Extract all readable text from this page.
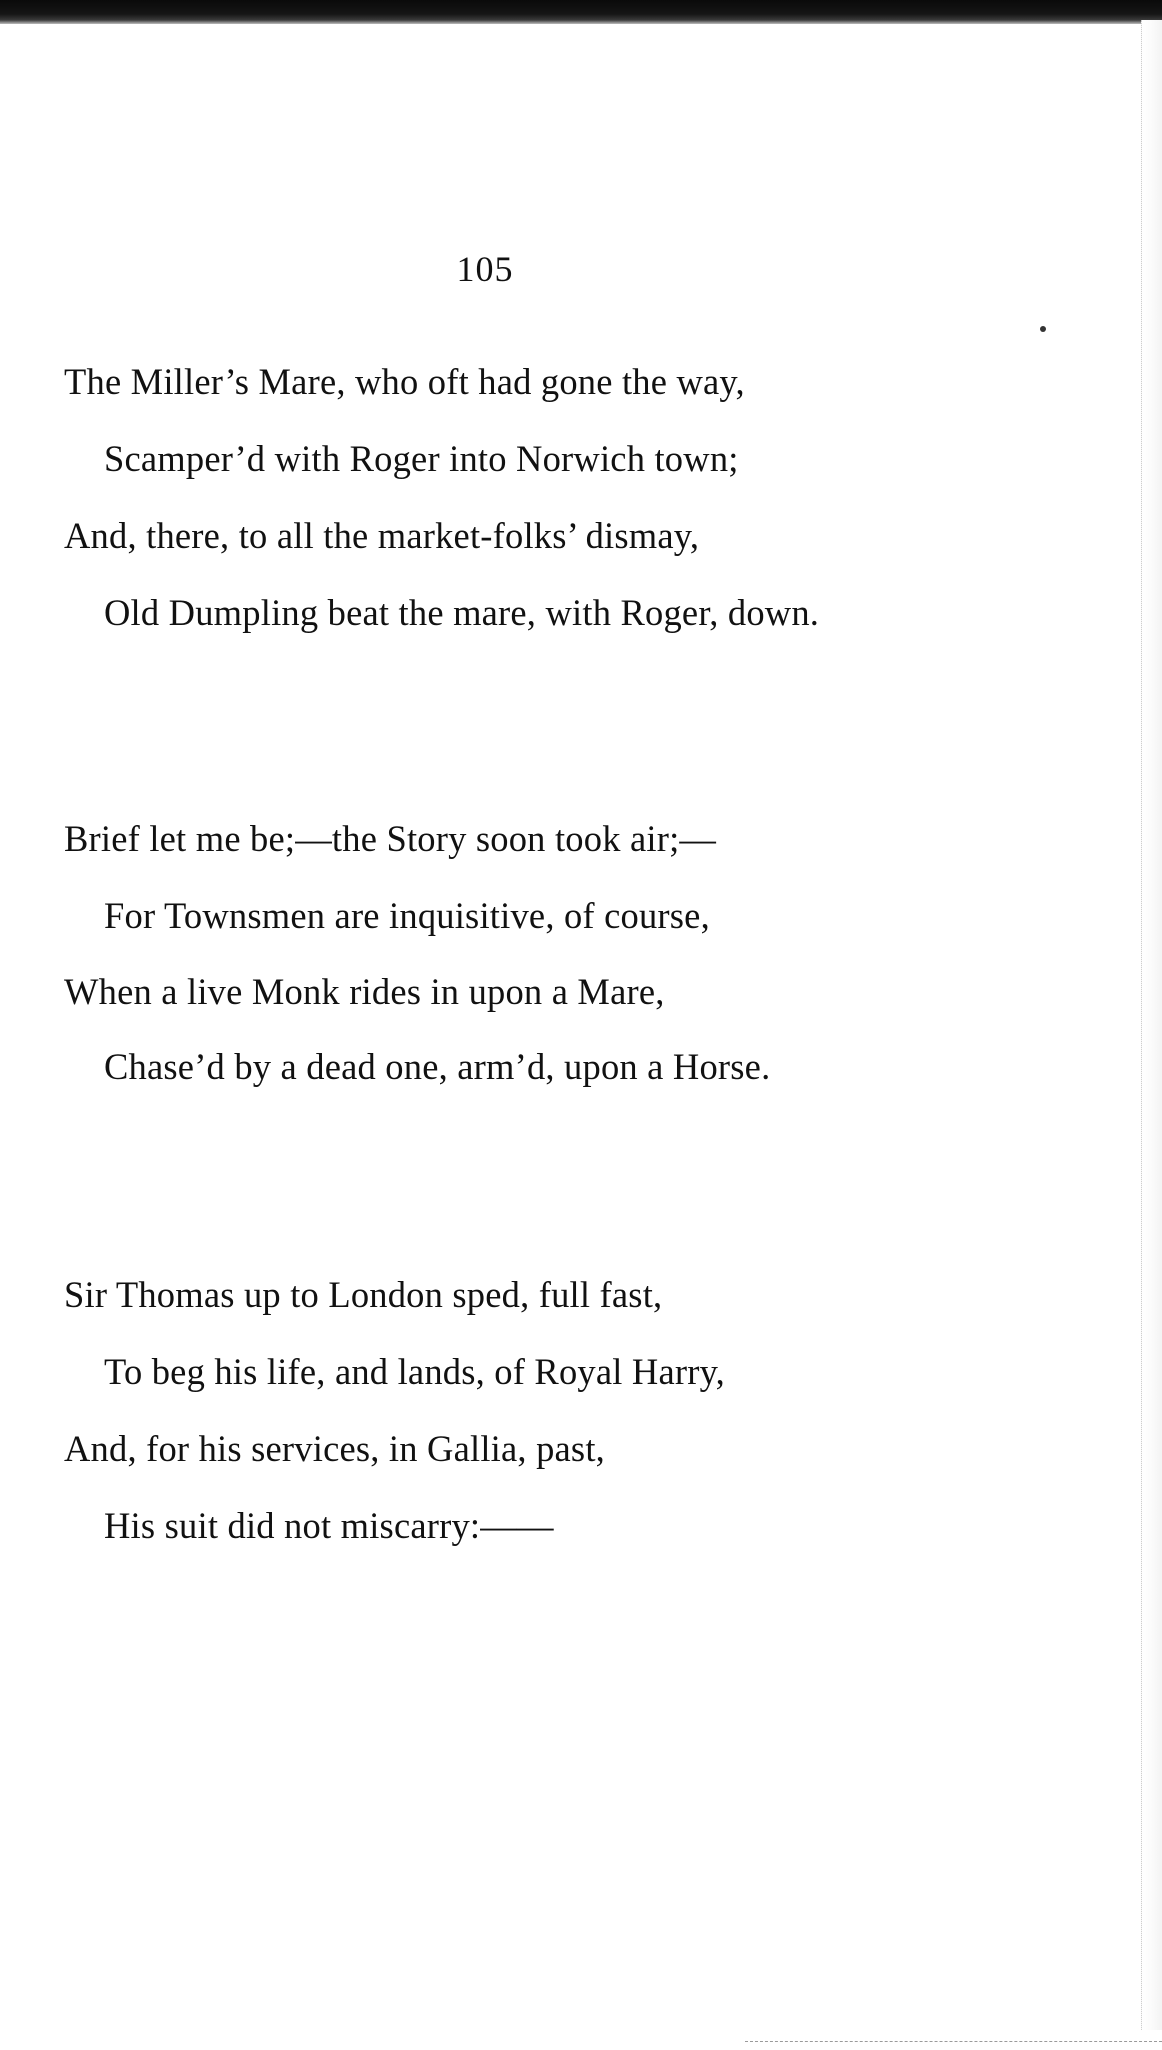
105
The Miller’s Mare, who oft had gone the way,
Scamper’d with Roger into Norwich town;
And, there, to all the market-folks’ dismay,
Old Dumpling beat the mare, with Roger, down.
Brief let me be;—the Story soon took air;—
For Townsmen are inquisitive, of course,
When a live Monk rides in upon a Mare,
Chase’d by a dead one, arm’d, upon a Horse.
Sir Thomas up to London sped, full fast,
To beg his life, and lands, of Royal Harry,
And, for his services, in Gallia, past,
His suit did not miscarry:——
